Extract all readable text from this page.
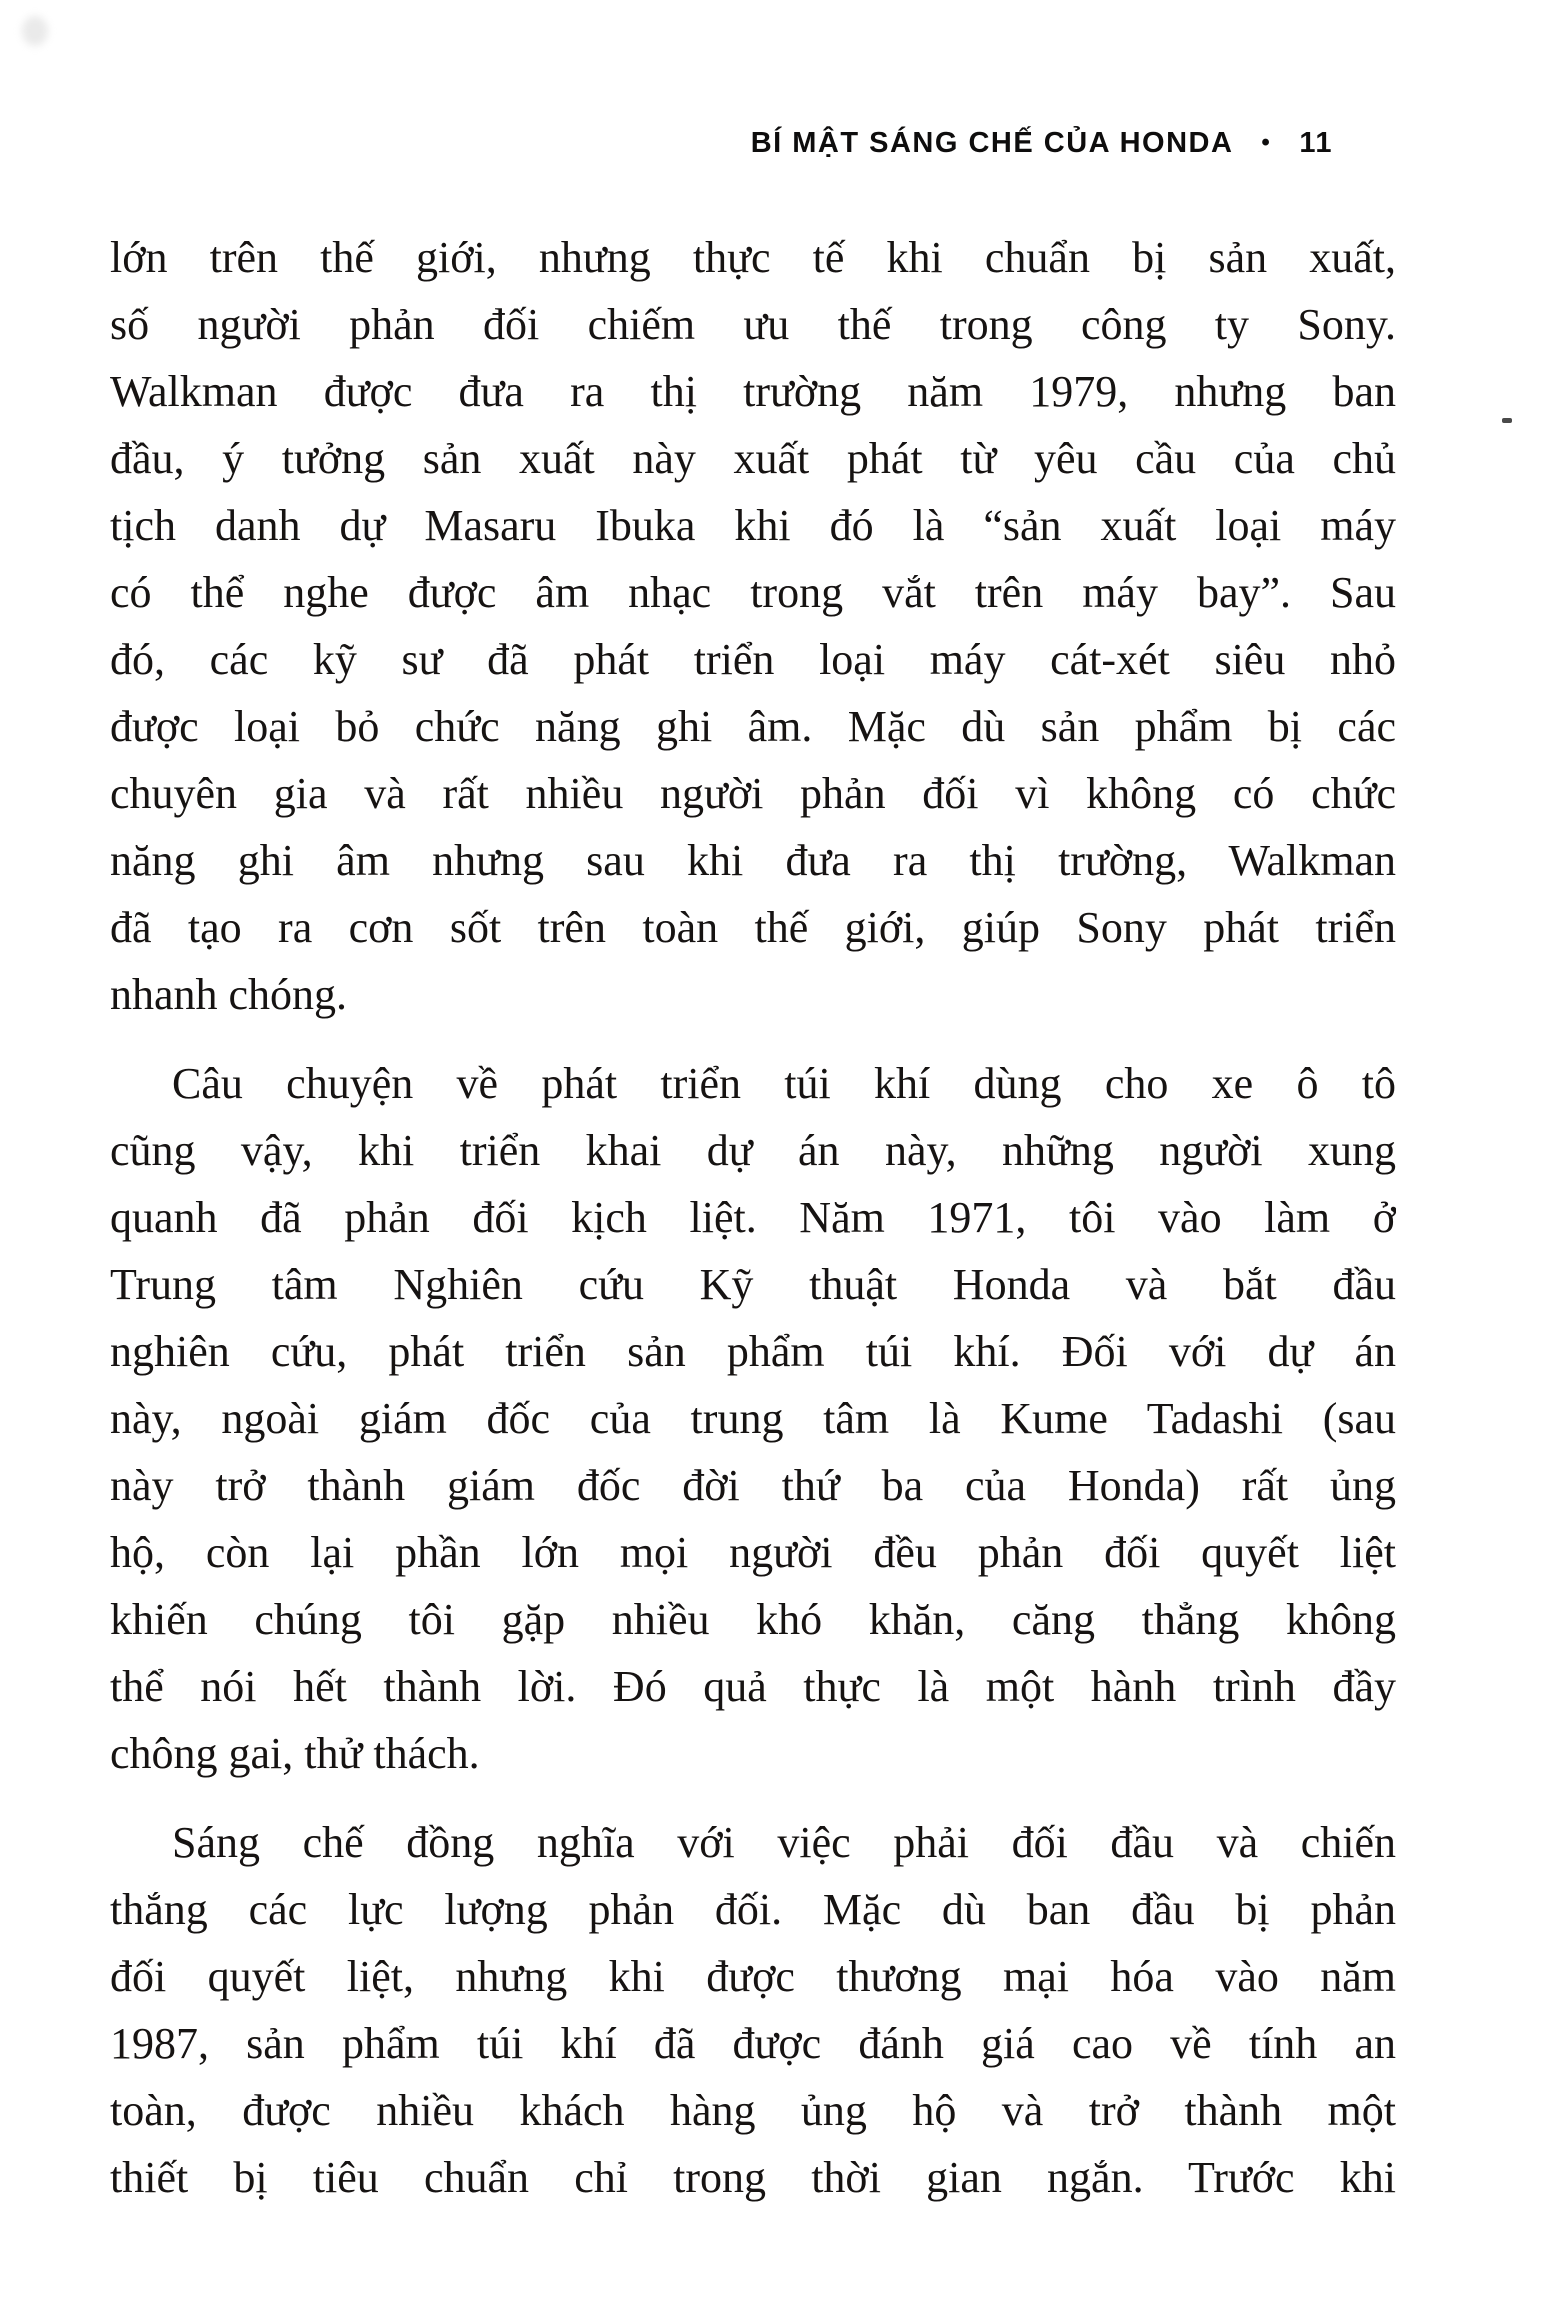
BÍ MẬT SÁNG CHẾ CỦA HONDA • 11
lớn trên thế giới, nhưng thực tế khi chuẩn bị sản xuất,
số người phản đối chiếm ưu thế trong công ty Sony.
Walkman được đưa ra thị trường năm 1979, nhưng ban
đầu, ý tưởng sản xuất này xuất phát từ yêu cầu của chủ
tịch danh dự Masaru Ibuka khi đó là “sản xuất loại máy
có thể nghe được âm nhạc trong vắt trên máy bay”. Sau
đó, các kỹ sư đã phát triển loại máy cát-xét siêu nhỏ
được loại bỏ chức năng ghi âm. Mặc dù sản phẩm bị các
chuyên gia và rất nhiều người phản đối vì không có chức
năng ghi âm nhưng sau khi đưa ra thị trường, Walkman
đã tạo ra cơn sốt trên toàn thế giới, giúp Sony phát triển
nhanh chóng.
Câu chuyện về phát triển túi khí dùng cho xe ô tô
cũng vậy, khi triển khai dự án này, những người xung
quanh đã phản đối kịch liệt. Năm 1971, tôi vào làm ở
Trung tâm Nghiên cứu Kỹ thuật Honda và bắt đầu
nghiên cứu, phát triển sản phẩm túi khí. Đối với dự án
này, ngoài giám đốc của trung tâm là Kume Tadashi (sau
này trở thành giám đốc đời thứ ba của Honda) rất ủng
hộ, còn lại phần lớn mọi người đều phản đối quyết liệt
khiến chúng tôi gặp nhiều khó khăn, căng thẳng không
thể nói hết thành lời. Đó quả thực là một hành trình đầy
chông gai, thử thách.
Sáng chế đồng nghĩa với việc phải đối đầu và chiến
thắng các lực lượng phản đối. Mặc dù ban đầu bị phản
đối quyết liệt, nhưng khi được thương mại hóa vào năm
1987, sản phẩm túi khí đã được đánh giá cao về tính an
toàn, được nhiều khách hàng ủng hộ và trở thành một
thiết bị tiêu chuẩn chỉ trong thời gian ngắn. Trước khi
